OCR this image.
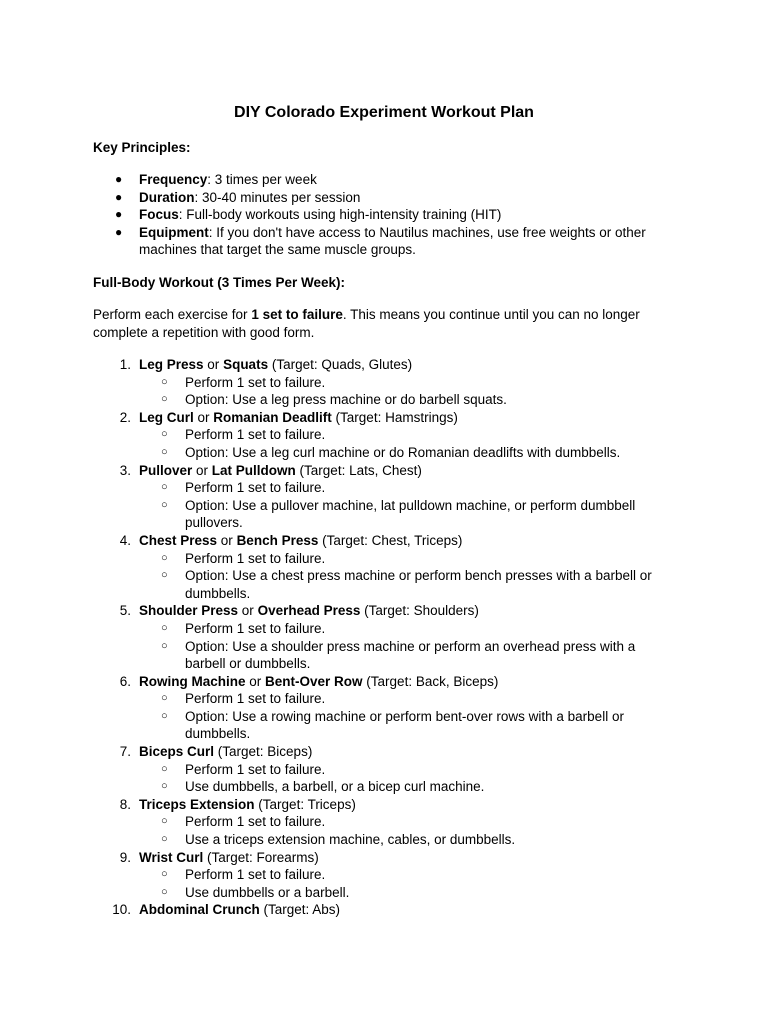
DIY Colorado Experiment Workout Plan

Key Principles:

● Frequency: 3 times per week
● Duration: 30-40 minutes per session
● Focus: Full-body workouts using high-intensity training (HIT)
● Equipment: If you don't have access to Nautilus machines, use free weights or other machines that target the same muscle groups.

Full-Body Workout (3 Times Per Week):

Perform each exercise for 1 set to failure. This means you continue until you can no longer complete a repetition with good form.

1. Leg Press or Squats (Target: Quads, Glutes)
○ Perform 1 set to failure.
○ Option: Use a leg press machine or do barbell squats.
2. Leg Curl or Romanian Deadlift (Target: Hamstrings)
○ Perform 1 set to failure.
○ Option: Use a leg curl machine or do Romanian deadlifts with dumbbells.
3. Pullover or Lat Pulldown (Target: Lats, Chest)
○ Perform 1 set to failure.
○ Option: Use a pullover machine, lat pulldown machine, or perform dumbbell pullovers.
4. Chest Press or Bench Press (Target: Chest, Triceps)
○ Perform 1 set to failure.
○ Option: Use a chest press machine or perform bench presses with a barbell or dumbbells.
5. Shoulder Press or Overhead Press (Target: Shoulders)
○ Perform 1 set to failure.
○ Option: Use a shoulder press machine or perform an overhead press with a barbell or dumbbells.
6. Rowing Machine or Bent-Over Row (Target: Back, Biceps)
○ Perform 1 set to failure.
○ Option: Use a rowing machine or perform bent-over rows with a barbell or dumbbells.
7. Biceps Curl (Target: Biceps)
○ Perform 1 set to failure.
○ Use dumbbells, a barbell, or a bicep curl machine.
8. Triceps Extension (Target: Triceps)
○ Perform 1 set to failure.
○ Use a triceps extension machine, cables, or dumbbells.
9. Wrist Curl (Target: Forearms)
○ Perform 1 set to failure.
○ Use dumbbells or a barbell.
10. Abdominal Crunch (Target: Abs)
